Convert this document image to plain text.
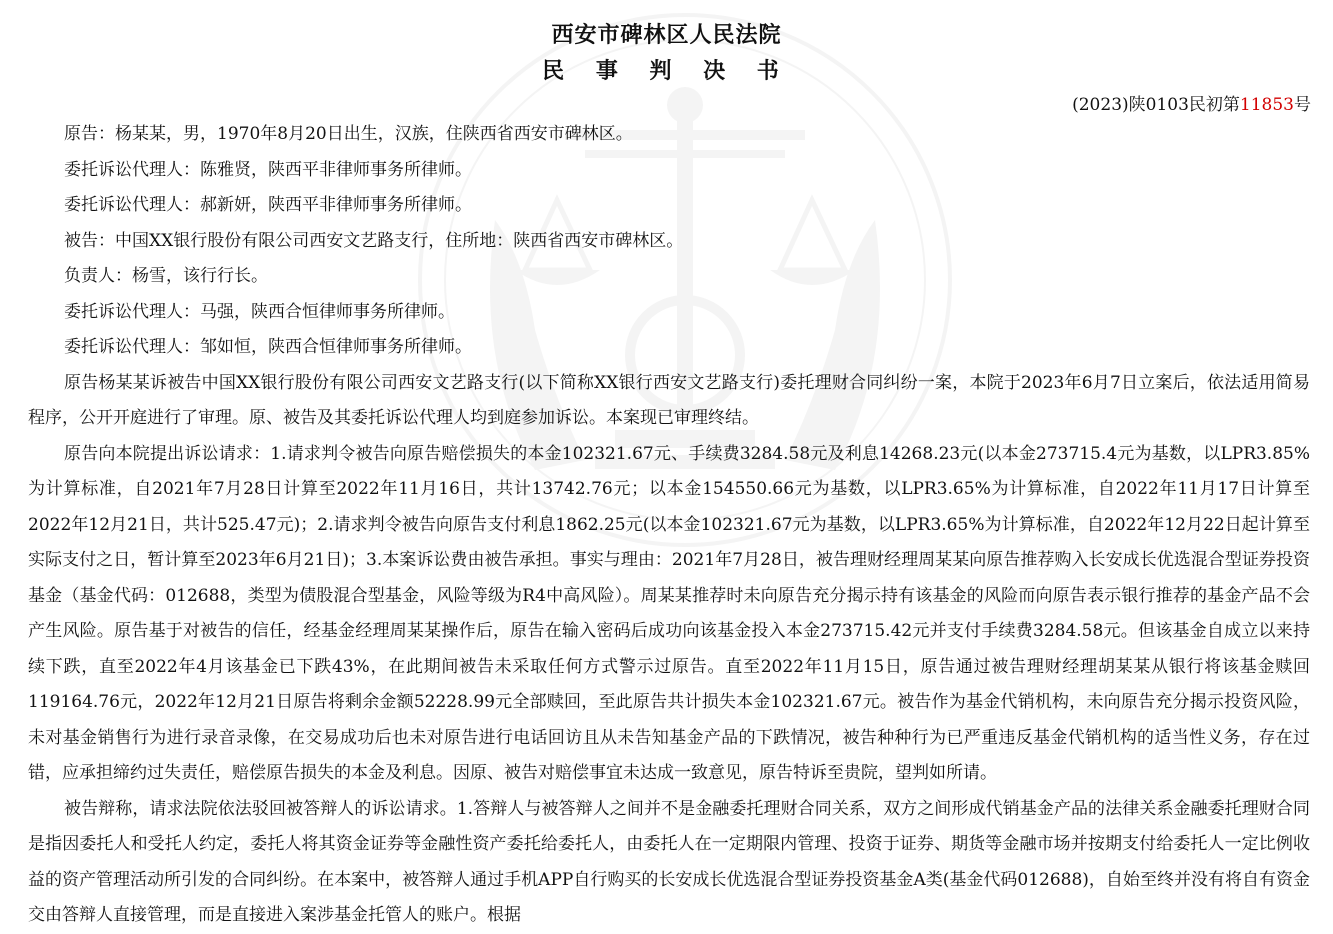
西安市碑林区人民法院
民 事 判 决 书
(2023)陕0103民初第11853号

原告：杨某某，男，1970年8月20日出生，汉族，住陕西省西安市碑林区。

委托诉讼代理人：陈雅贤，陕西平非律师事务所律师。

委托诉讼代理人：郝新妍，陕西平非律师事务所律师。

被告：中国XX银行股份有限公司西安文艺路支行，住所地：陕西省西安市碑林区。

负责人：杨雪，该行行长。

委托诉讼代理人：马强，陕西合恒律师事务所律师。

委托诉讼代理人：邹如恒，陕西合恒律师事务所律师。

原告杨某某诉被告中国XX银行股份有限公司西安文艺路支行(以下简称XX银行西安文艺路支行)委托理财合同纠纷一案，本院于2023年6月7日立案后，依法适用简易程序，公开开庭进行了审理。原、被告及其委托诉讼代理人均到庭参加诉讼。本案现已审理终结。

原告向本院提出诉讼请求：1.请求判令被告向原告赔偿损失的本金102321.67元、手续费3284.58元及利息14268.23元(以本金273715.4元为基数，以LPR3.85%为计算标准，自2021年7月28日计算至2022年11月16日，共计13742.76元；以本金154550.66元为基数，以LPR3.65%为计算标准，自2022年11月17日计算至2022年12月21日，共计525.47元)；2.请求判令被告向原告支付利息1862.25元(以本金102321.67元为基数，以LPR3.65%为计算标准，自2022年12月22日起计算至实际支付之日，暂计算至2023年6月21日)；3.本案诉讼费由被告承担。事实与理由：2021年7月28日，被告理财经理周某某向原告推荐购入长安成长优选混合型证券投资基金（基金代码：012688，类型为债股混合型基金，风险等级为R4中高风险）。周某某推荐时未向原告充分揭示持有该基金的风险而向原告表示银行推荐的基金产品不会产生风险。原告基于对被告的信任，经基金经理周某某操作后，原告在输入密码后成功向该基金投入本金273715.42元并支付手续费3284.58元。但该基金自成立以来持续下跌，直至2022年4月该基金已下跌43%，在此期间被告未采取任何方式警示过原告。直至2022年11月15日，原告通过被告理财经理胡某某从银行将该基金赎回119164.76元，2022年12月21日原告将剩余金额52228.99元全部赎回，至此原告共计损失本金102321.67元。被告作为基金代销机构，未向原告充分揭示投资风险，未对基金销售行为进行录音录像，在交易成功后也未对原告进行电话回访且从未告知基金产品的下跌情况，被告种种行为已严重违反基金代销机构的适当性义务，存在过错，应承担缔约过失责任，赔偿原告损失的本金及利息。因原、被告对赔偿事宜未达成一致意见，原告特诉至贵院，望判如所请。

被告辩称，请求法院依法驳回被答辩人的诉讼请求。1.答辩人与被答辩人之间并不是金融委托理财合同关系，双方之间形成代销基金产品的法律关系金融委托理财合同是指因委托人和受托人约定，委托人将其资金证券等金融性资产委托给委托人，由委托人在一定期限内管理、投资于证券、期货等金融市场并按期支付给委托人一定比例收益的资产管理活动所引发的合同纠纷。在本案中，被答辩人通过手机APP自行购买的长安成长优选混合型证券投资基金A类(基金代码012688)，自始至终并没有将自有资金交由答辩人直接管理，而是直接进入案涉基金托管人的账户。根据
